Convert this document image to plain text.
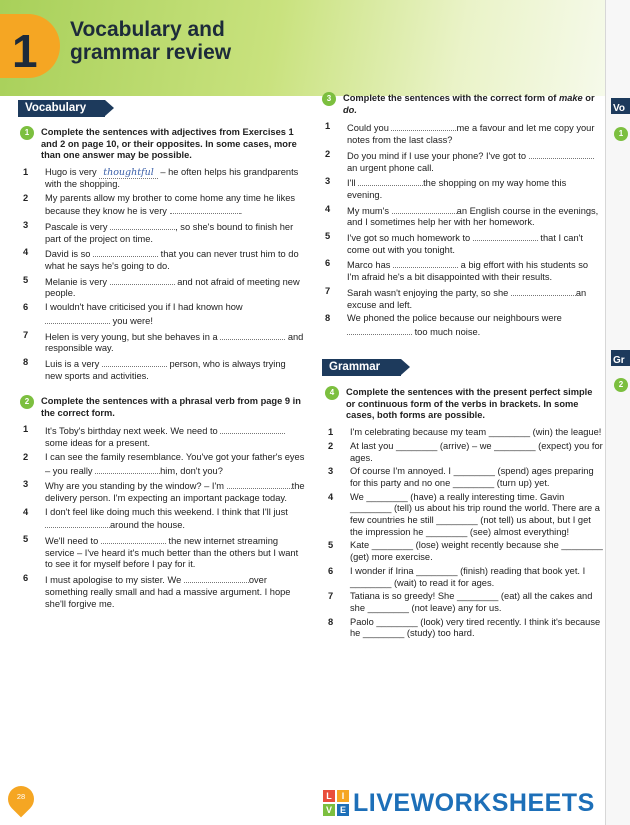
1 Vocabulary and grammar review
Vo
1
Gr
2
Vocabulary
Grammar
1	Complete the sentences with adjectives from Exercises 1 and 2 on page 10, or their opposites. In some cases, more than one answer may be possible.
1	Hugo is very thoughtful – he often helps his grandparents with the shopping.
2	My parents allow my brother to come home any time he likes because they know he is very	.
3	Pascale is very	, so she's bound to finish her part of the project on time.
4	David is so	that you can never trust him to do what he says he's going to do.
5	Melanie is very	and not afraid of meeting new people.
6	I wouldn't have criticised you if I had known how  you were!
7	Helen is very young, but she behaves in a	and responsible way.
8	Luis is a very	person, who is always trying new sports and activities.
2	Complete the sentences with a phrasal verb from page 9 in the correct form.
1	It's Toby's birthday next week. We need to some ideas for a present.
2	I can see the family resemblance. You've got your father's eyes – you really	him, don't you?
3	Why are you standing by the window? – I'm	the delivery person. I'm expecting an important package today.
4	I don't feel like doing much this weekend. I think that I'll just around the house.
5	We'll need to	the new internet streaming service – I've heard it's much better than the others but I want to see it for myself before I pay for it.
6	I must apologise to my sister. We	over something really small and had a massive argument. I hope she'll forgive me.
3	Complete the sentences with the correct form of make or do.
1	Could you	me a favour and let me copy your notes from the last class?
2	Do you mind if I use your phone? I've got to an urgent phone call.
3	I'll	the shopping on my way home this evening.
4	My mum's	an English course in the evenings, and I sometimes help her with her homework.
5	I've got so much homework to	that I can't come out with you tonight.
6	Marco has	a big effort with his students so I'm afraid he's a bit disappointed with their results.
7	Sarah wasn't enjoying the party, so she	an excuse and left.
8	We phoned the police because our neighbours were  too much noise.
4	Complete the sentences with the present perfect simple or continuous form of the verbs in brackets. In some cases, both forms are possible.
1	I'm celebrating because my team ________ (win) the league!
2	At last you ________ (arrive) – we ________ (expect) you for ages.
3	Of course I'm annoyed. I ________ (spend) ages preparing for this party and no one ________ (turn up) yet.
4	We ________ (have) a really interesting time. Gavin ________ (tell) us about his trip round the world. There are a few countries he still ________ (not tell) us about, but I get the impression he ________ (see) almost everything!
5	Kate ________ (lose) weight recently because she ________ (get) more exercise.
6	I wonder if Irina ________ (finish) reading that book yet. I ________ (wait) to read it for ages.
7	Tatiana is so greedy! She ________ (eat) all the cakes and she ________ (not leave) any for us.
8	Paolo ________ (look) very tired recently. I think it's because he ________ (study) too hard.
28	L	I
V E LIVEWORKSHEETS
